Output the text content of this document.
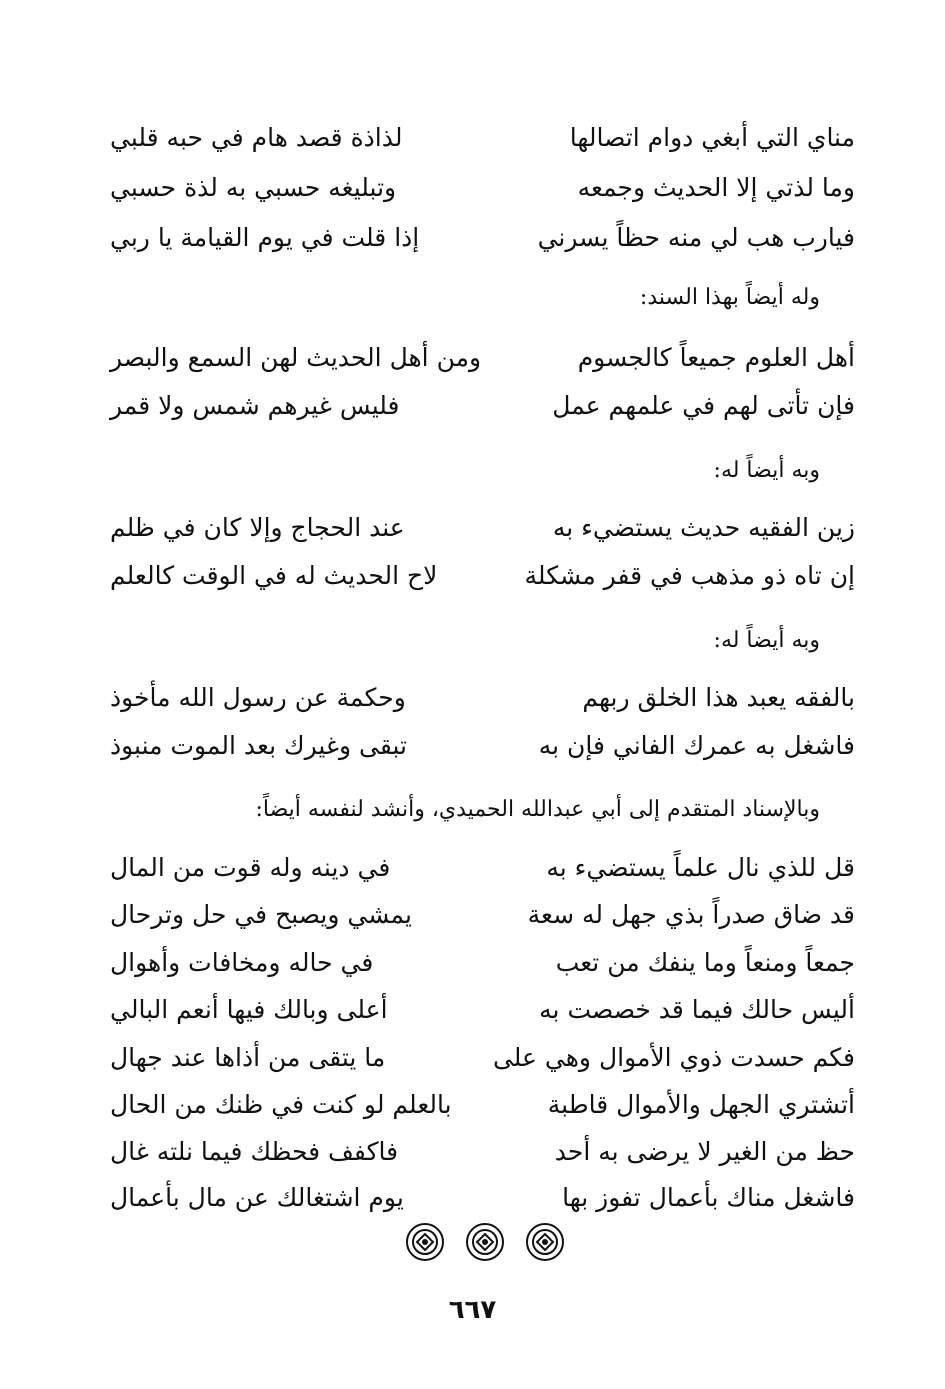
مناي التي أبغي دوام اتصالها
لذاذة قصد هام في حبه قلبي
وما لذتي إلا الحديث وجمعه
وتبليغه حسبي به لذة حسبي
فيارب هب لي منه حظاً يسرني
إذا قلت في يوم القيامة يا ربي
وله أيضاً بهذا السند:
أهل العلوم جميعاً كالجسوم
ومن أهل الحديث لهن السمع والبصر
فإن تأتى لهم في علمهم عمل
فليس غيرهم شمس ولا قمر
وبه أيضاً له:
زين الفقيه حديث يستضيء به
عند الحجاج وإلا كان في ظلم
إن تاه ذو مذهب في قفر مشكلة
لاح الحديث له في الوقت كالعلم
وبه أيضاً له:
بالفقه يعبد هذا الخلق ربهم
وحكمة عن رسول الله مأخوذ
فاشغل به عمرك الفاني فإن به
تبقى وغيرك بعد الموت منبوذ
وبالإسناد المتقدم إلى أبي عبدالله الحميدي، وأنشد لنفسه أيضاً:
قل للذي نال علماً يستضيء به
في دينه وله قوت من المال
قد ضاق صدراً بذي جهل له سعة
يمشي ويصبح في حل وترحال
جمعاً ومنعاً وما ينفك من تعب
في حاله ومخافات وأهوال
أليس حالك فيما قد خصصت به
أعلى وبالك فيها أنعم البالي
فكم حسدت ذوي الأموال وهي على
ما يتقى من أذاها عند جهال
أتشتري الجهل والأموال قاطبة
بالعلم لو كنت في ظنك من الحال
حظ من الغير لا يرضى به أحد
فاكفف فحظك فيما نلته غال
فاشغل مناك بأعمال تفوز بها
يوم اشتغالك عن مال بأعمال
٦٦٧
